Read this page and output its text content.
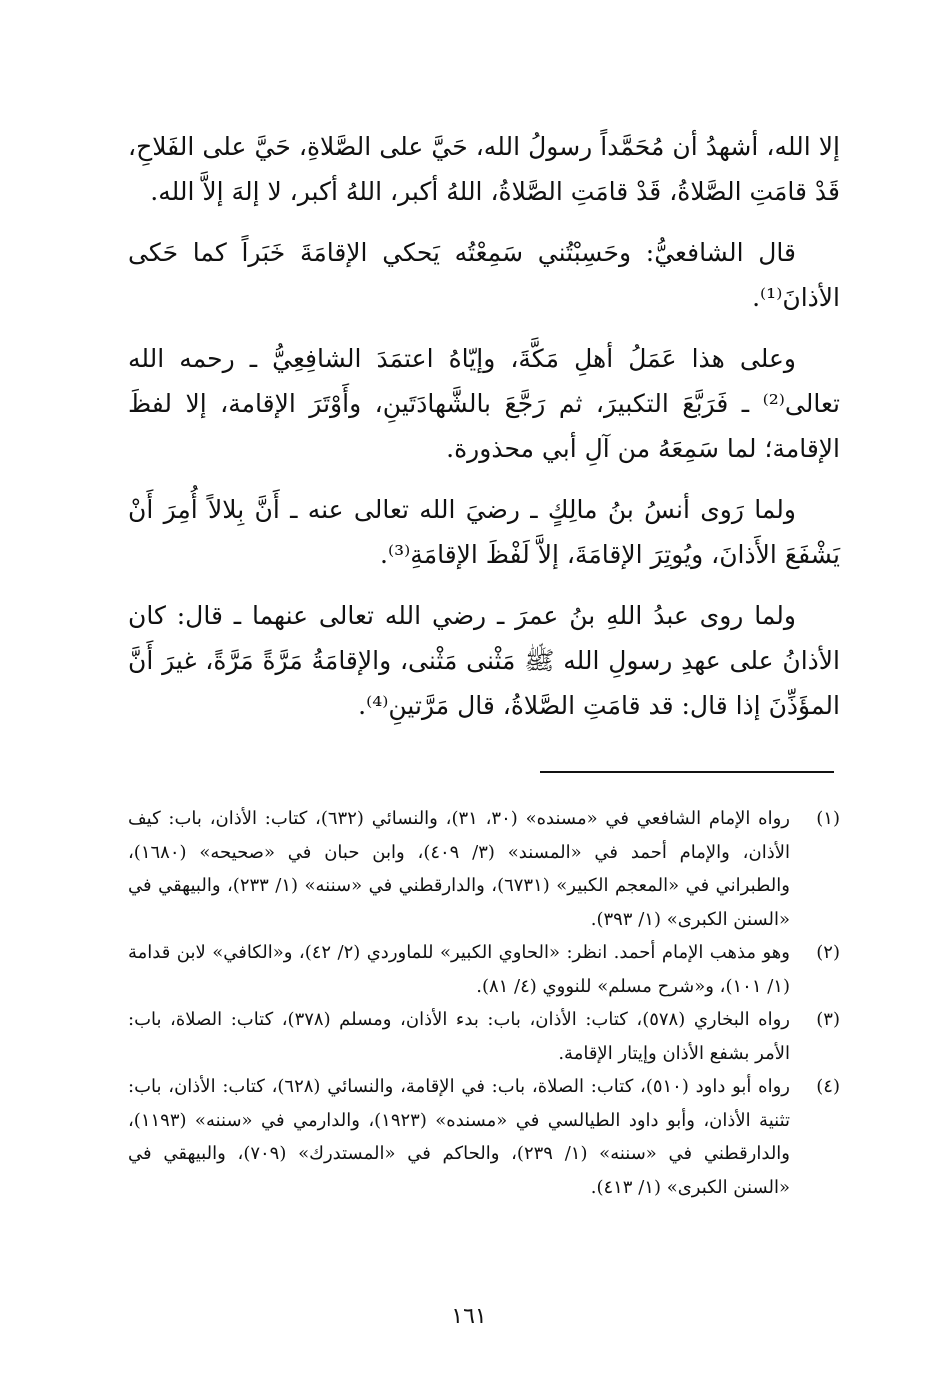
إلا الله، أشهدُ أن مُحَمَّداً رسولُ الله، حَيَّ على الصَّلاةِ، حَيَّ على الفَلاحِ، قَدْ قامَتِ الصَّلاةُ، قَدْ قامَتِ الصَّلاةُ، اللهُ أكبر، اللهُ أكبر، لا إلهَ إلاَّ الله.

قال الشافعيُّ: وحَسِبْتُني سَمِعْتُه يَحكي الإقامَةَ خَبَراً كما حَكى الأذانَ⁽¹⁾.

وعلى هذا عَمَلُ أهلِ مَكَّةَ، وإيّاهُ اعتمَدَ الشافِعِيُّ ـ رحمه الله تعالى⁽²⁾ ـ فَرَبَّعَ التكبيرَ، ثم رَجَّعَ بالشَّهادَتَينِ، وأَوْتَرَ الإقامة، إلا لفظَ الإقامة؛ لما سَمِعَهُ من آلِ أبي محذورة.

ولما رَوى أنسُ بنُ مالِكٍ ـ رضيَ الله تعالى عنه ـ أَنَّ بِلالاً أُمِرَ أَنْ يَشْفَعَ الأَذانَ، ويُوتِرَ الإقامَةَ، إلاَّ لَفْظَ الإقامَةِ⁽³⁾.

ولما روى عبدُ اللهِ بنُ عمرَ ـ رضي الله تعالى عنهما ـ قال: كان الأذانُ على عهدِ رسولِ الله ﷺ مَثْنى مَثْنى، والإقامَةُ مَرَّةً مَرَّةً، غيرَ أَنَّ المؤَذِّنَ إذا قال: قد قامَتِ الصَّلاةُ، قال مَرَّتينِ⁽⁴⁾.

(١)
رواه الإمام الشافعي في «مسنده» (٣٠، ٣١)، والنسائي (٦٣٢)، كتاب: الأذان، باب: كيف الأذان، والإمام أحمد في «المسند» (٣/ ٤٠٩)، وابن حبان في «صحيحه» (١٦٨٠)، والطبراني في «المعجم الكبير» (٦٧٣١)، والدارقطني في «سننه» (١/ ٢٣٣)، والبيهقي في «السنن الكبرى» (١/ ٣٩٣).
(٢)
وهو مذهب الإمام أحمد. انظر: «الحاوي الكبير» للماوردي (٢/ ٤٢)، و«الكافي» لابن قدامة (١/ ١٠١)، و«شرح مسلم» للنووي (٤/ ٨١).
(٣)
رواه البخاري (٥٧٨)، كتاب: الأذان، باب: بدء الأذان، ومسلم (٣٧٨)، كتاب: الصلاة، باب: الأمر بشفع الأذان وإيتار الإقامة.
(٤)
رواه أبو داود (٥١٠)، كتاب: الصلاة، باب: في الإقامة، والنسائي (٦٢٨)، كتاب: الأذان، باب: تثنية الأذان، وأبو داود الطيالسي في «مسنده» (١٩٢٣)، والدارمي في «سننه» (١١٩٣)، والدارقطني في «سننه» (١/ ٢٣٩)، والحاكم في «المستدرك» (٧٠٩)، والبيهقي في «السنن الكبرى» (١/ ٤١٣).
١٦١
